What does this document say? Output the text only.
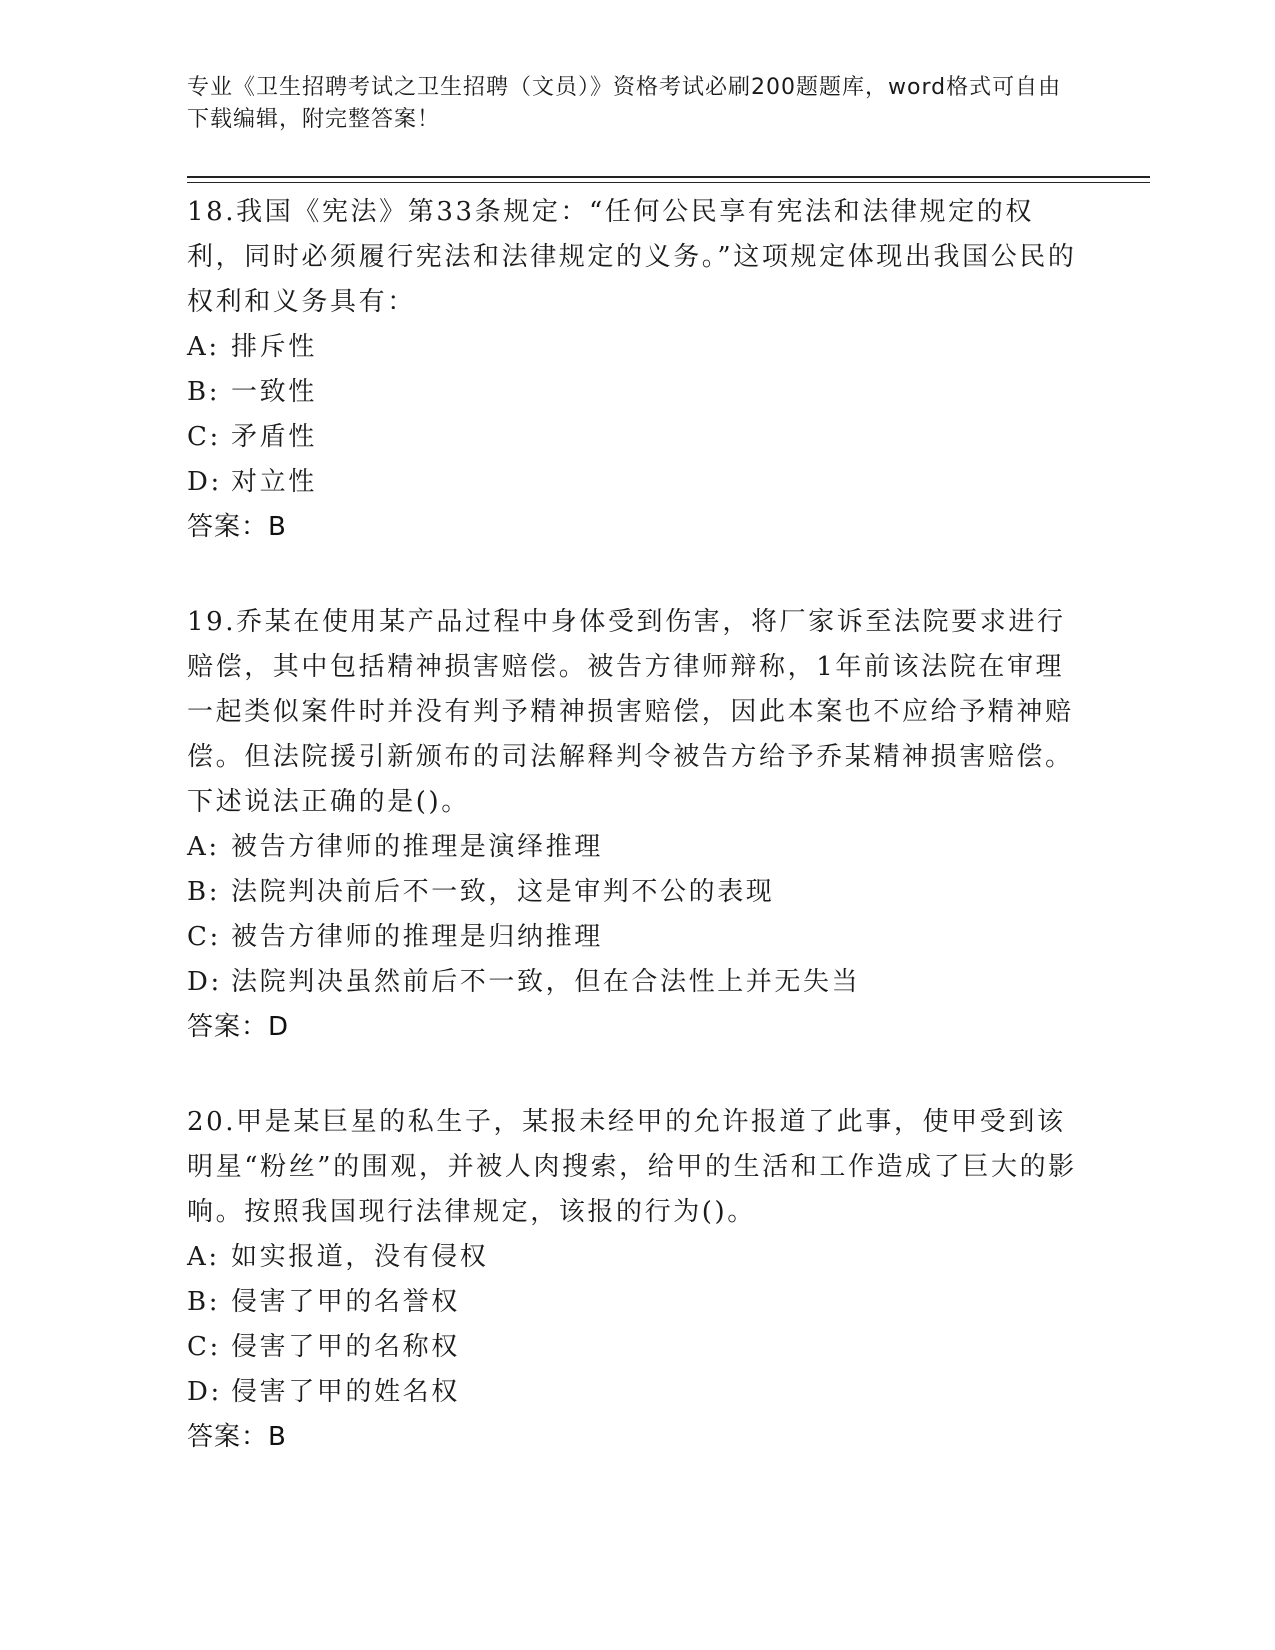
专业《卫生招聘考试之卫生招聘（文员）》资格考试必刷200题题库，word格式可自由下载编辑，附完整答案！

18.我国《宪法》第33条规定：“任何公民享有宪法和法律规定的权利，同时必须履行宪法和法律规定的义务。”这项规定体现出我国公民的权利和义务具有：

A: 排斥性

B: 一致性

C: 矛盾性

D: 对立性

答案：B

19.乔某在使用某产品过程中身体受到伤害，将厂家诉至法院要求进行赔偿，其中包括精神损害赔偿。被告方律师辩称，1年前该法院在审理一起类似案件时并没有判予精神损害赔偿，因此本案也不应给予精神赔偿。但法院援引新颁布的司法解释判令被告方给予乔某精神损害赔偿。下述说法正确的是()。

A: 被告方律师的推理是演绎推理

B: 法院判决前后不一致，这是审判不公的表现

C: 被告方律师的推理是归纳推理

D: 法院判决虽然前后不一致，但在合法性上并无失当

答案：D

20.甲是某巨星的私生子，某报未经甲的允许报道了此事，使甲受到该明星“粉丝”的围观，并被人肉搜索，给甲的生活和工作造成了巨大的影响。按照我国现行法律规定，该报的行为()。

A: 如实报道，没有侵权

B: 侵害了甲的名誉权

C: 侵害了甲的名称权

D: 侵害了甲的姓名权

答案：B
